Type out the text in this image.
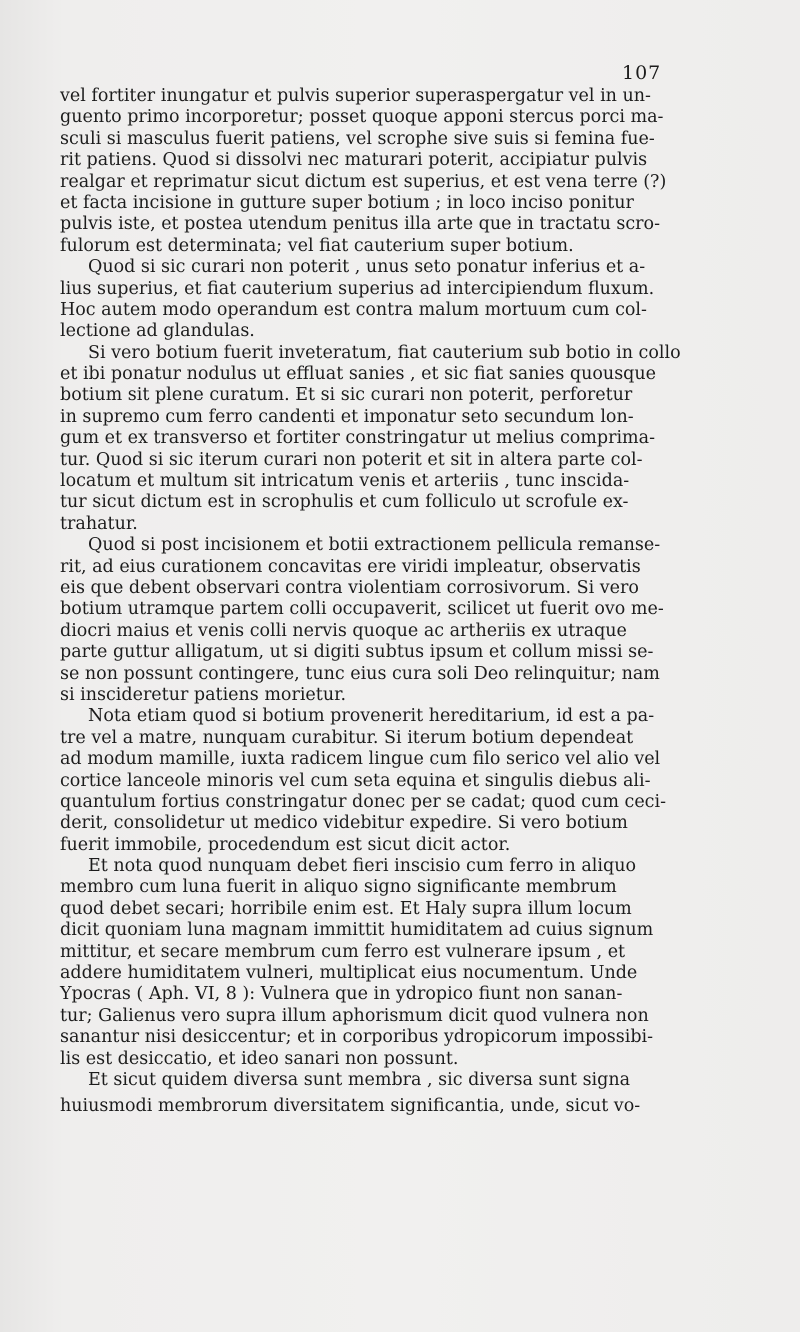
107
vel fortiter inungatur et pulvis superior superaspergatur vel in un-
guento primo incorporetur; posset quoque apponi stercus porci ma-
sculi si masculus fuerit patiens, vel scrophe sive suis si femina fue-
rit patiens. Quod si dissolvi nec maturari poterit, accipiatur pulvis
realgar et reprimatur sicut dictum est superius, et est vena terre (?)
et facta incisione in gutture super botium ; in loco inciso ponitur
pulvis iste, et postea utendum penitus illa arte que in tractatu scro-
fulorum est determinata; vel fiat cauterium super botium.
Quod si sic curari non poterit , unus seto ponatur inferius et a-
lius superius, et fiat cauterium superius ad intercipiendum fluxum.
Hoc autem modo operandum est contra malum mortuum cum col-
lectione ad glandulas.
Si vero botium fuerit inveteratum, fiat cauterium sub botio in collo
et ibi ponatur nodulus ut effluat sanies , et sic fiat sanies quousque
botium sit plene curatum. Et si sic curari non poterit, perforetur
in supremo cum ferro candenti et imponatur seto secundum lon-
gum et ex transverso et fortiter constringatur ut melius comprima-
tur. Quod si sic iterum curari non poterit et sit in altera parte col-
locatum et multum sit intricatum venis et arteriis , tunc inscida-
tur sicut dictum est in scrophulis et cum folliculo ut scrofule ex-
trahatur.
Quod si post incisionem et botii extractionem pellicula remanse-
rit, ad eius curationem concavitas ere viridi impleatur, observatis
eis que debent observari contra violentiam corrosivorum. Si vero
botium utramque partem colli occupaverit, scilicet ut fuerit ovo me-
diocri maius et venis colli nervis quoque ac artheriis ex utraque
parte guttur alligatum, ut si digiti subtus ipsum et collum missi se-
se non possunt contingere, tunc eius cura soli Deo relinquitur; nam
si inscideretur patiens morietur.
Nota etiam quod si botium provenerit hereditarium, id est a pa-
tre vel a matre, nunquam curabitur. Si iterum botium dependeat
ad modum mamille, iuxta radicem lingue cum filo serico vel alio vel
cortice lanceole minoris vel cum seta equina et singulis diebus ali-
quantulum fortius constringatur donec per se cadat; quod cum ceci-
derit, consolidetur ut medico videbitur expedire. Si vero botium
fuerit immobile, procedendum est sicut dicit actor.
Et nota quod nunquam debet fieri inscisio cum ferro in aliquo
membro cum luna fuerit in aliquo signo significante membrum
quod debet secari; horribile enim est. Et Haly supra illum locum
dicit quoniam luna magnam immittit humiditatem ad cuius signum
mittitur, et secare membrum cum ferro est vulnerare ipsum , et
addere humiditatem vulneri, multiplicat eius nocumentum. Unde
Ypocras ( Aph. VI, 8 ): Vulnera que in ydropico fiunt non sanan-
tur; Galienus vero supra illum aphorismum dicit quod vulnera non
sanantur nisi desiccentur; et in corporibus ydropicorum impossibi-
lis est desiccatio, et ideo sanari non possunt.
Et sicut quidem diversa sunt membra , sic diversa sunt signa
huiusmodi membrorum diversitatem significantia, unde, sicut vo-
